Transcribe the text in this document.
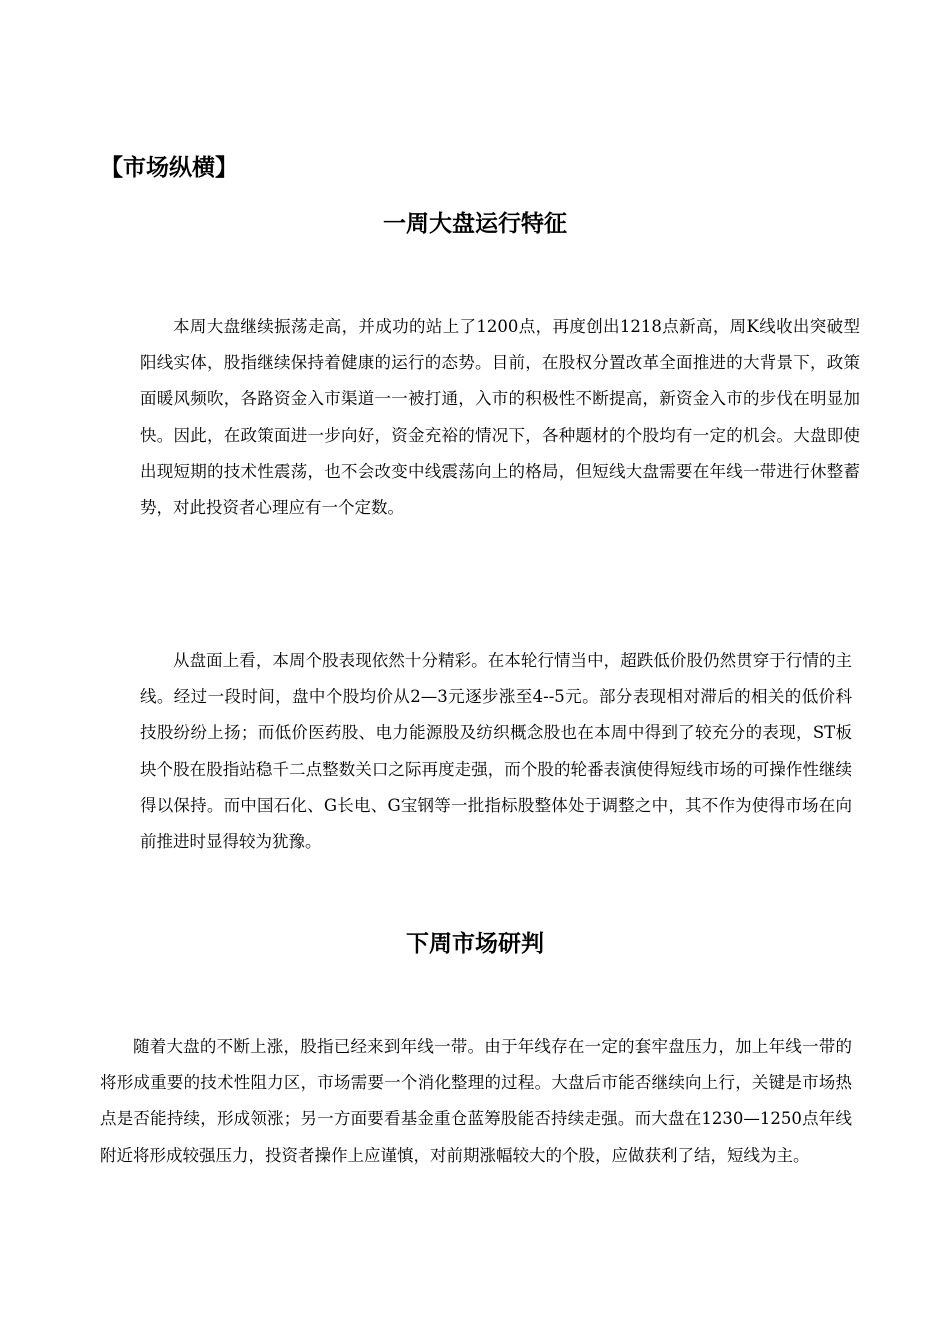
【市场纵横】
一周大盘运行特征

本周大盘继续振荡走高，并成功的站上了1200点，再度创出1218点新高，周K线收出突破型阳线实体，股指继续保持着健康的运行的态势。目前，在股权分置改革全面推进的大背景下，政策面暖风频吹，各路资金入市渠道一一被打通，入市的积极性不断提高，新资金入市的步伐在明显加快。因此，在政策面进一步向好，资金充裕的情况下，各种题材的个股均有一定的机会。大盘即使出现短期的技术性震荡，也不会改变中线震荡向上的格局，但短线大盘需要在年线一带进行休整蓄势，对此投资者心理应有一个定数。

从盘面上看，本周个股表现依然十分精彩。在本轮行情当中，超跌低价股仍然贯穿于行情的主线。经过一段时间，盘中个股均价从2—3元逐步涨至4--5元。部分表现相对滞后的相关的低价科技股纷纷上扬；而低价医药股、电力能源股及纺织概念股也在本周中得到了较充分的表现，ST板块个股在股指站稳千二点整数关口之际再度走强，而个股的轮番表演使得短线市场的可操作性继续得以保持。而中国石化、G长电、G宝钢等一批指标股整体处于调整之中，其不作为使得市场在向前推进时显得较为犹豫。

下周市场研判

随着大盘的不断上涨，股指已经来到年线一带。由于年线存在一定的套牢盘压力，加上年线一带的将形成重要的技术性阻力区，市场需要一个消化整理的过程。大盘后市能否继续向上行，关键是市场热点是否能持续，形成领涨；另一方面要看基金重仓蓝筹股能否持续走强。而大盘在1230—1250点年线附近将形成较强压力，投资者操作上应谨慎，对前期涨幅较大的个股，应做获利了结，短线为主。
